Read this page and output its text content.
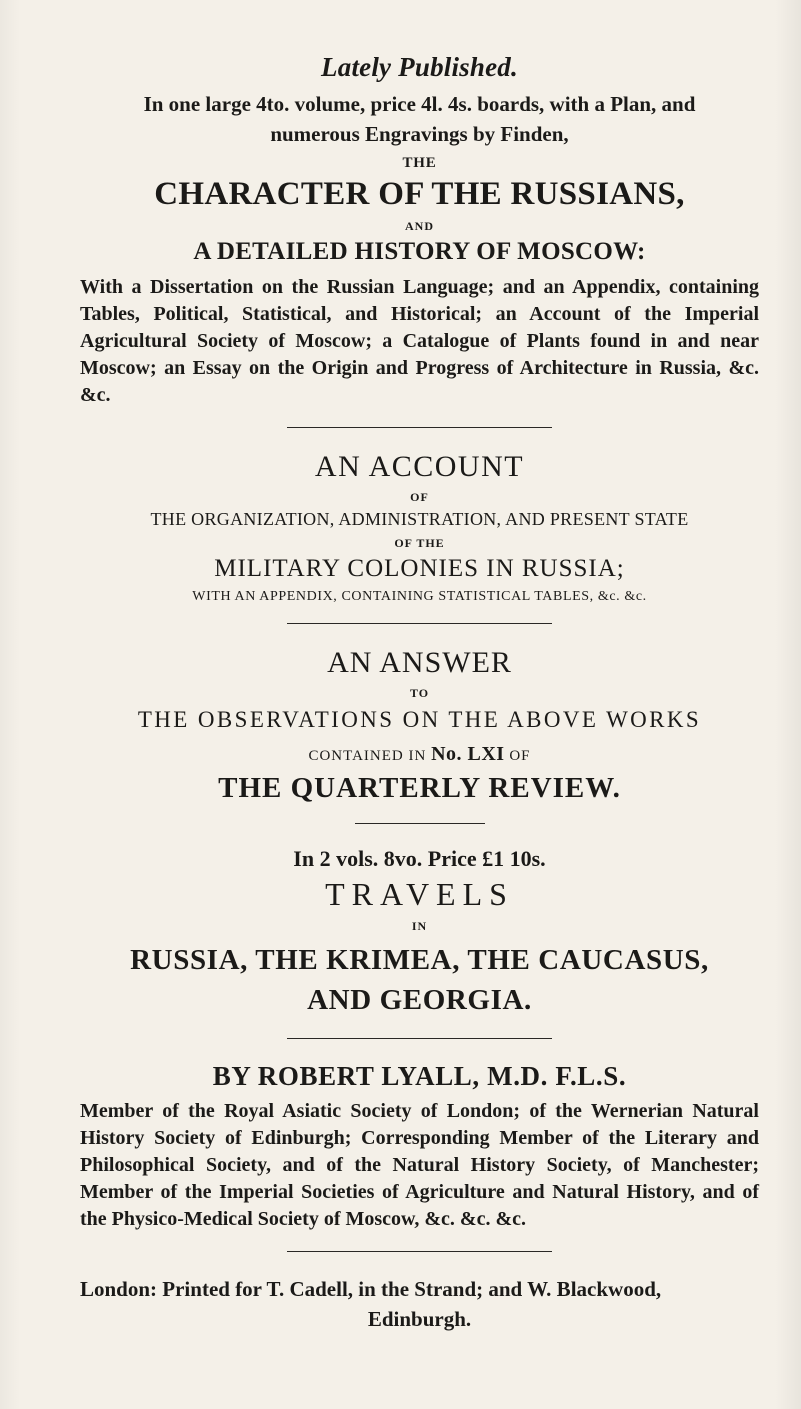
Lately Published.
In one large 4to. volume, price 4l. 4s. boards, with a Plan, and
numerous Engravings by Finden,
THE
CHARACTER OF THE RUSSIANS,
AND
A DETAILED HISTORY OF MOSCOW:
With a Dissertation on the Russian Language; and an Appendix, containing Tables, Political, Statistical, and Historical; an Account of the Imperial Agricultural Society of Moscow; a Catalogue of Plants found in and near Moscow; an Essay on the Origin and Progress of Architecture in Russia, &c. &c.
AN ACCOUNT
OF
THE ORGANIZATION, ADMINISTRATION, AND PRESENT STATE
OF THE
MILITARY COLONIES IN RUSSIA;
WITH AN APPENDIX, CONTAINING STATISTICAL TABLES, &c. &c.
AN ANSWER
TO
THE OBSERVATIONS ON THE ABOVE WORKS
CONTAINED IN No. LXI OF
THE QUARTERLY REVIEW.
In 2 vols. 8vo. Price £1 10s.
TRAVELS
IN
RUSSIA, THE KRIMEA, THE CAUCASUS,
AND GEORGIA.
BY ROBERT LYALL, M.D. F.L.S.
Member of the Royal Asiatic Society of London; of the Wernerian Natural History Society of Edinburgh; Corresponding Member of the Literary and Philosophical Society, and of the Natural History Society, of Manchester; Member of the Imperial Societies of Agriculture and Natural History, and of the Physico-Medical Society of Moscow, &c. &c. &c.
London: Printed for T. Cadell, in the Strand; and W. Blackwood,
Edinburgh.
